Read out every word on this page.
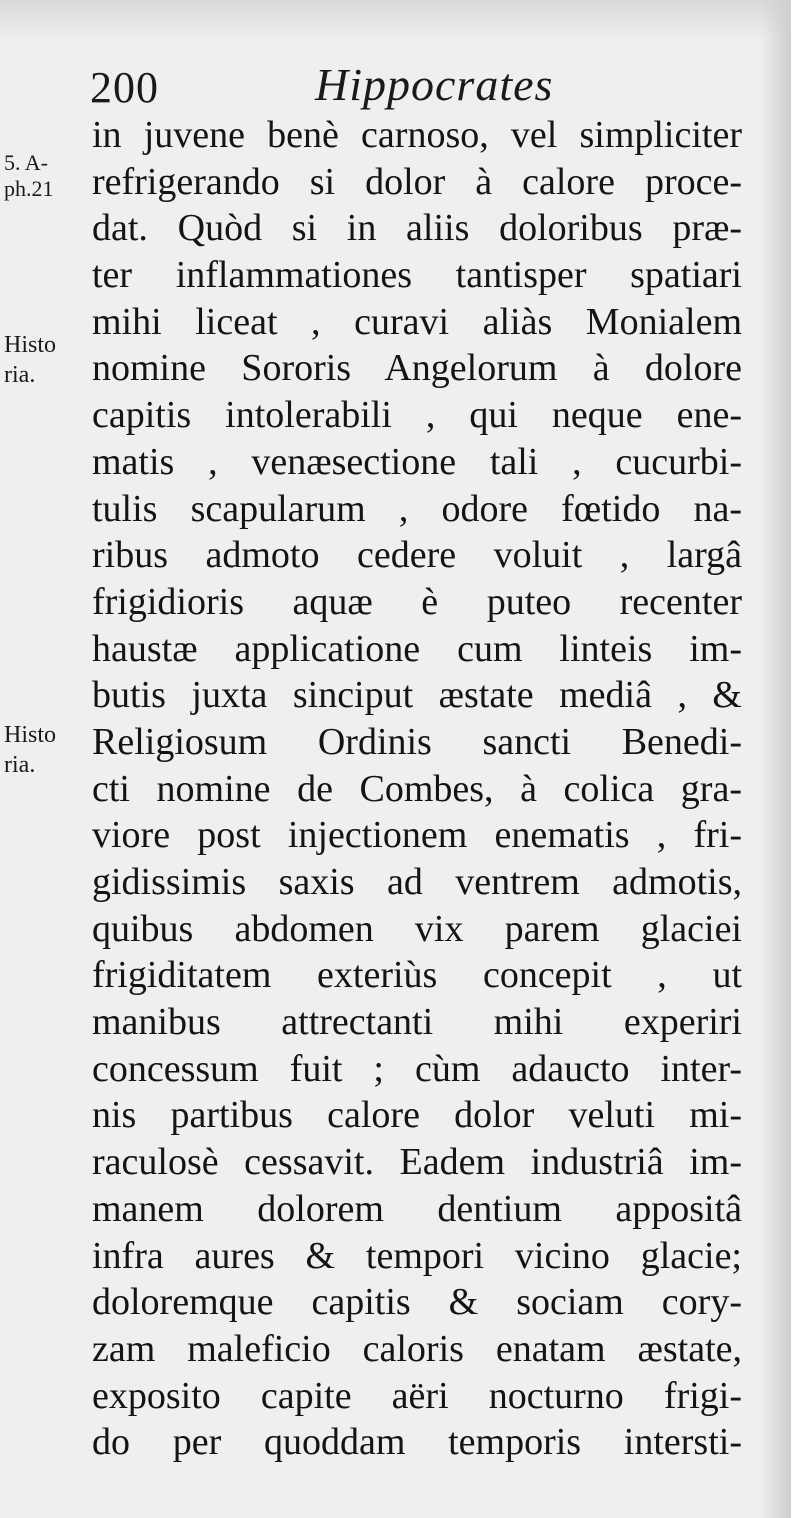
200	Hippocrates
5. A-
ph.21
Histo
ria.
Histo
ria.
in juvene benè carnoso, vel simpliciter
refrigerando si dolor à calore proce-
dat. Quòd si in aliis doloribus præ-
ter inflammationes tantisper spatiari
mihi liceat , curavi aliàs Monialem
nomine Sororis Angelorum à dolore
capitis intolerabili , qui neque ene-
matis , venæsectione tali , cucurbi-
tulis scapularum , odore fœtido na-
ribus admoto cedere voluit , largâ
frigidioris aquæ è puteo recenter
haustæ applicatione cum linteis im-
butis juxta sinciput æstate mediâ , &
Religiosum Ordinis sancti Benedi-
cti nomine de Combes, à colica gra-
viore post injectionem enematis , fri-
gidissimis saxis ad ventrem admotis,
quibus abdomen vix parem glaciei
frigiditatem exteriùs concepit , ut
manibus attrectanti mihi experiri
concessum fuit ; cùm adaucto inter-
nis partibus calore dolor veluti mi-
raculosè cessavit. Eadem industriâ im-
manem dolorem dentium appositâ
infra aures & tempori vicino glacie;
doloremque capitis & sociam cory-
zam maleficio caloris enatam æstate,
exposito capite aëri nocturno frigi-
do per quoddam temporis intersti-
